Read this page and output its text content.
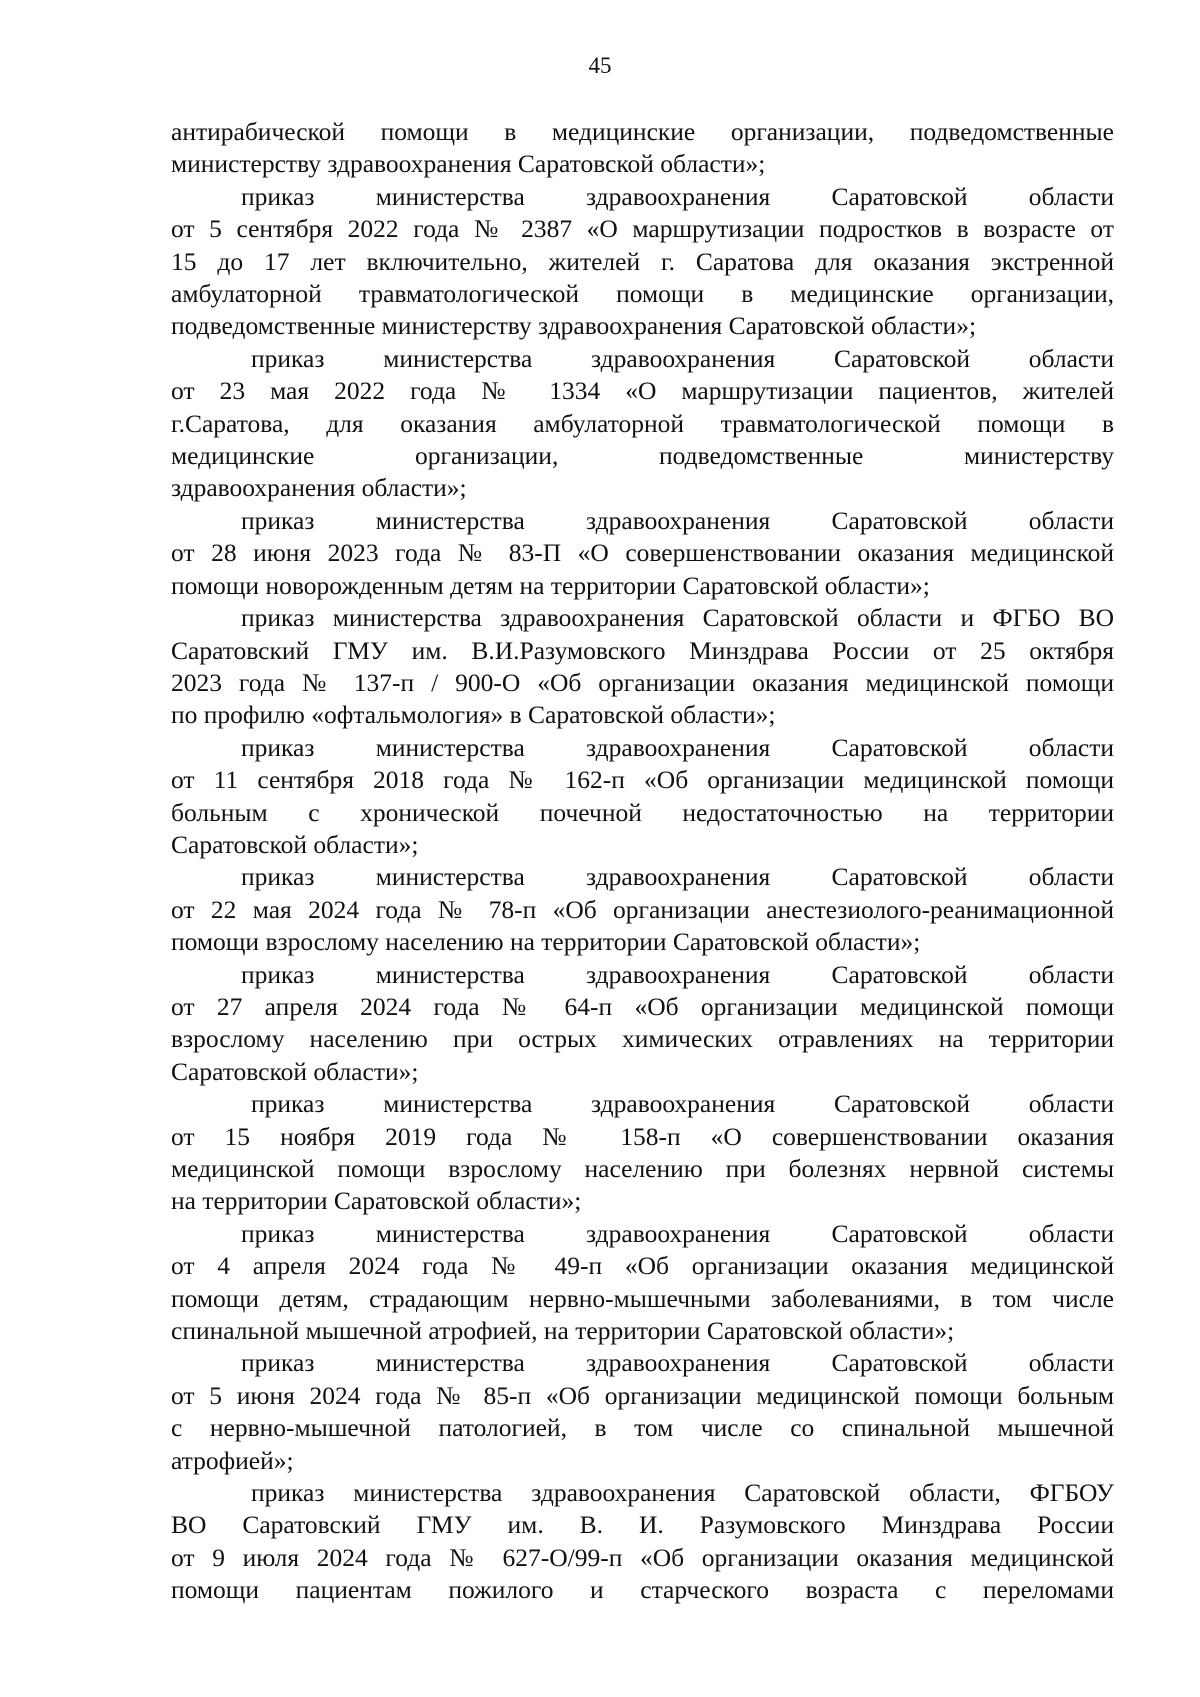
45
антирабической помощи в медицинские организации, подведомственные
министерству здравоохранения Саратовской области»;
приказ министерства здравоохранения Саратовской области
от 5 сентября 2022 года № 2387 «О маршрутизации подростков в возрасте от
15 до 17 лет включительно, жителей г. Саратова для оказания экстренной
амбулаторной травматологической помощи в медицинские организации,
подведомственные министерству здравоохранения Саратовской области»;
приказ министерства здравоохранения Саратовской области
от 23 мая 2022 года № 1334 «О маршрутизации пациентов, жителей
г.Саратова, для оказания амбулаторной травматологической помощи в
медицинские организации, подведомственные министерству
здравоохранения области»;
приказ министерства здравоохранения Саратовской области
от 28 июня 2023 года № 83-П «О совершенствовании оказания медицинской
помощи новорожденным детям на территории Саратовской области»;
приказ министерства здравоохранения Саратовской области и ФГБО ВО
Саратовский ГМУ им. В.И.Разумовского Минздрава России от 25 октября
2023 года № 137-п / 900-О «Об организации оказания медицинской помощи
по профилю «офтальмология» в Саратовской области»;
приказ министерства здравоохранения Саратовской области
от 11 сентября 2018 года № 162-п «Об организации медицинской помощи
больным с хронической почечной недостаточностью на территории
Саратовской области»;
приказ министерства здравоохранения Саратовской области
от 22 мая 2024 года № 78-п «Об организации анестезиолого-реанимационной
помощи взрослому населению на территории Саратовской области»;
приказ министерства здравоохранения Саратовской области
от 27 апреля 2024 года № 64-п «Об организации медицинской помощи
взрослому населению при острых химических отравлениях на территории
Саратовской области»;
приказ министерства здравоохранения Саратовской области
от 15 ноября 2019 года № 158-п «О совершенствовании оказания
медицинской помощи взрослому населению при болезнях нервной системы
на территории Саратовской области»;
приказ министерства здравоохранения Саратовской области
от 4 апреля 2024 года № 49-п «Об организации оказания медицинской
помощи детям, страдающим нервно-мышечными заболеваниями, в том числе
спинальной мышечной атрофией, на территории Саратовской области»;
приказ министерства здравоохранения Саратовской области
от 5 июня 2024 года № 85-п «Об организации медицинской помощи больным
с нервно-мышечной патологией, в том числе со спинальной мышечной
атрофией»;
приказ министерства здравоохранения Саратовской области, ФГБОУ
ВО Саратовский ГМУ им. В. И. Разумовского Минздрава России
от 9 июля 2024 года № 627-О/99-п «Об организации оказания медицинской
помощи пациентам пожилого и старческого возраста с переломами
